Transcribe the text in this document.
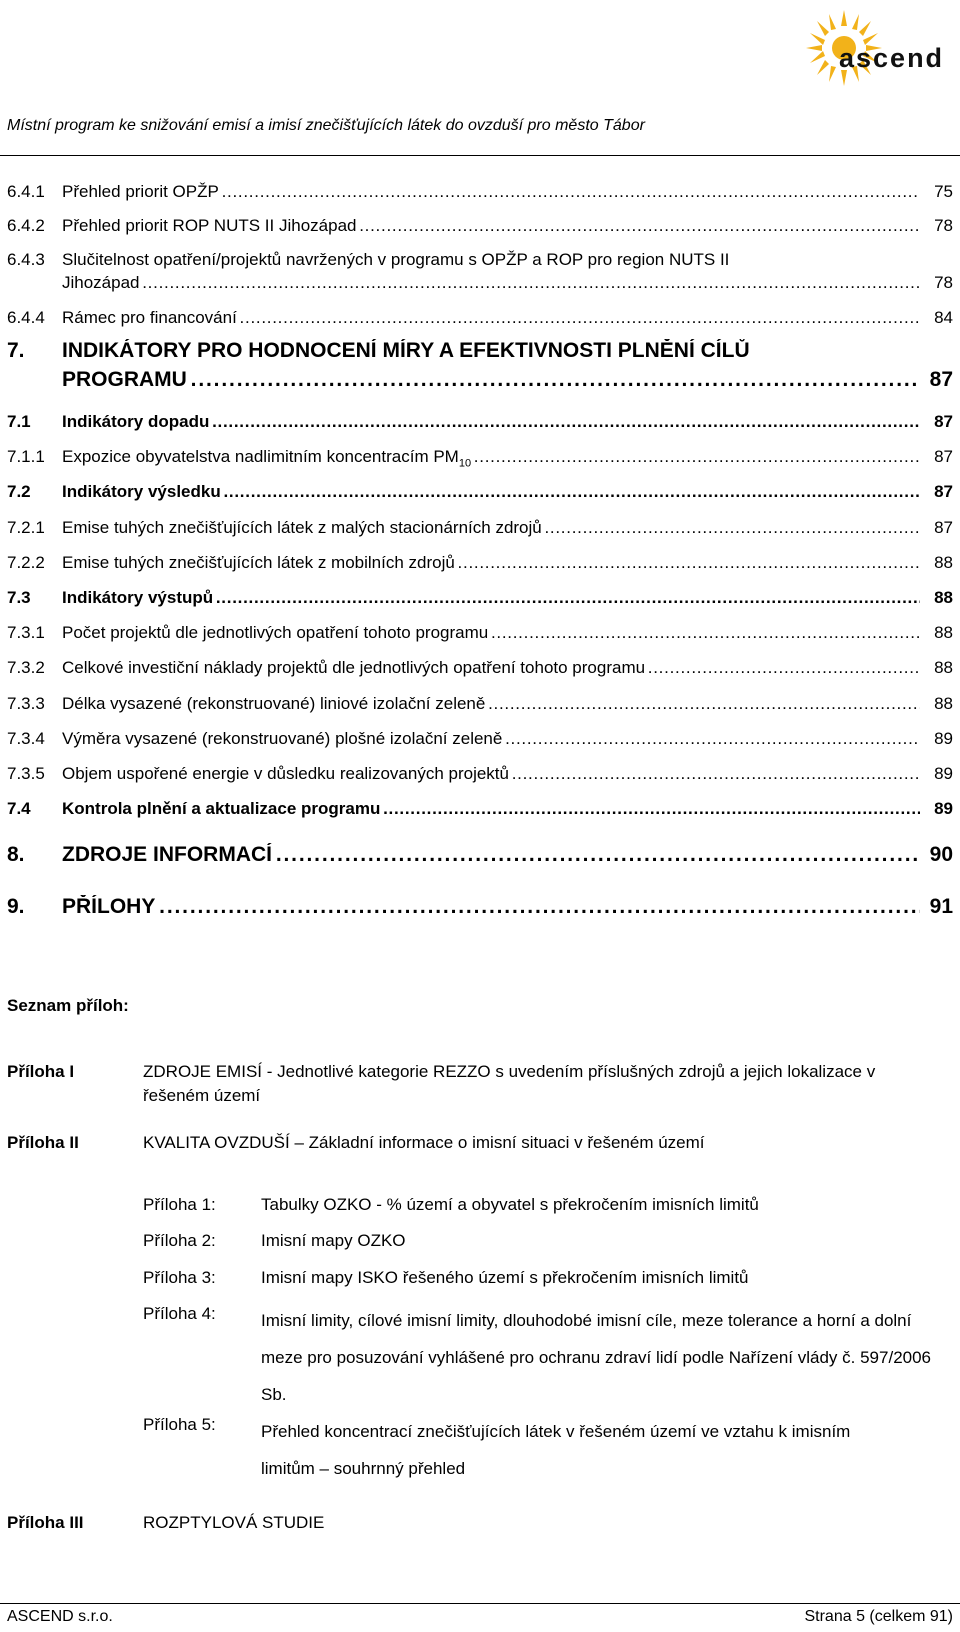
ascend
Místní program ke snižování emisí a imisí znečišťujících látek do ovzduší pro město Tábor
6.4.1 Přehled priorit OPŽP . . .	75
6.4.2 Přehled priorit ROP NUTS II Jihozápad . . .	78
6.4.3 Slučitelnost opatření/projektů navržených v programu s OPŽP a ROP pro region NUTS II
Jihozápad . . .	78
6.4.4 Rámec pro financování . . .	84
7. INDIKÁTORY PRO HODNOCENÍ MÍRY A EFEKTIVNOSTI PLNĚNÍ CÍLŮ
PROGRAMU . . .	87
7.1 Indikátory dopadu . . .	87
7.1.1 Expozice obyvatelstva nadlimitním koncentracím $PM_{10}$ . . .	87
7.2 Indikátory výsledku . . .	87
7.2.1 Emise tuhých znečišťujících látek z malých stacionárních zdrojů . . .	87
7.2.2 Emise tuhých znečišťujících látek z mobilních zdrojů . . .	88
7.3 Indikátory výstupů . . .	88
7.3.1 Počet projektů dle jednotlivých opatření tohoto programu . . .	88
7.3.2 Celkové investiční náklady projektů dle jednotlivých opatření tohoto programu . . .	88
7.3.3 Délka vysazené (rekonstruované) liniové izolační zeleně . . .	88
7.3.4 Výměra vysazené (rekonstruované) plošné izolační zeleně . . .	89
7.3.5 Objem uspořené energie v důsledku realizovaných projektů . . .	89
7.4 Kontrola plnění a aktualizace programu . . .	89
8. ZDROJE INFORMACÍ . . .	90
9. PŘÍLOHY . . .	91
Seznam příloh:
Příloha I	ZDROJE EMISÍ - Jednotlivé kategorie REZZO s uvedením příslušných zdrojů a jejich lokalizace v řešeném území
Příloha II	KVALITA OVZDUŠÍ – Základní informace o imisní situaci v řešeném území
Příloha 1:	Tabulky OZKO - % území a obyvatel s překročením imisních limitů
Příloha 2:	Imisní mapy OZKO
Příloha 3:	Imisní mapy ISKO řešeného území s překročením imisních limitů
Příloha 4:	Imisní limity, cílové imisní limity, dlouhodobé imisní cíle, meze tolerance a horní a dolní meze pro posuzování vyhlášené pro ochranu zdraví lidí podle Nařízení vlády č. 597/2006 Sb.
Příloha 5:	Přehled koncentrací znečišťujících látek v řešeném území ve vztahu k imisním limitům – souhrnný přehled
Příloha III	ROZPTYLOVÁ STUDIE
ASCEND s.r.o.	Strana 5 (celkem 91)
